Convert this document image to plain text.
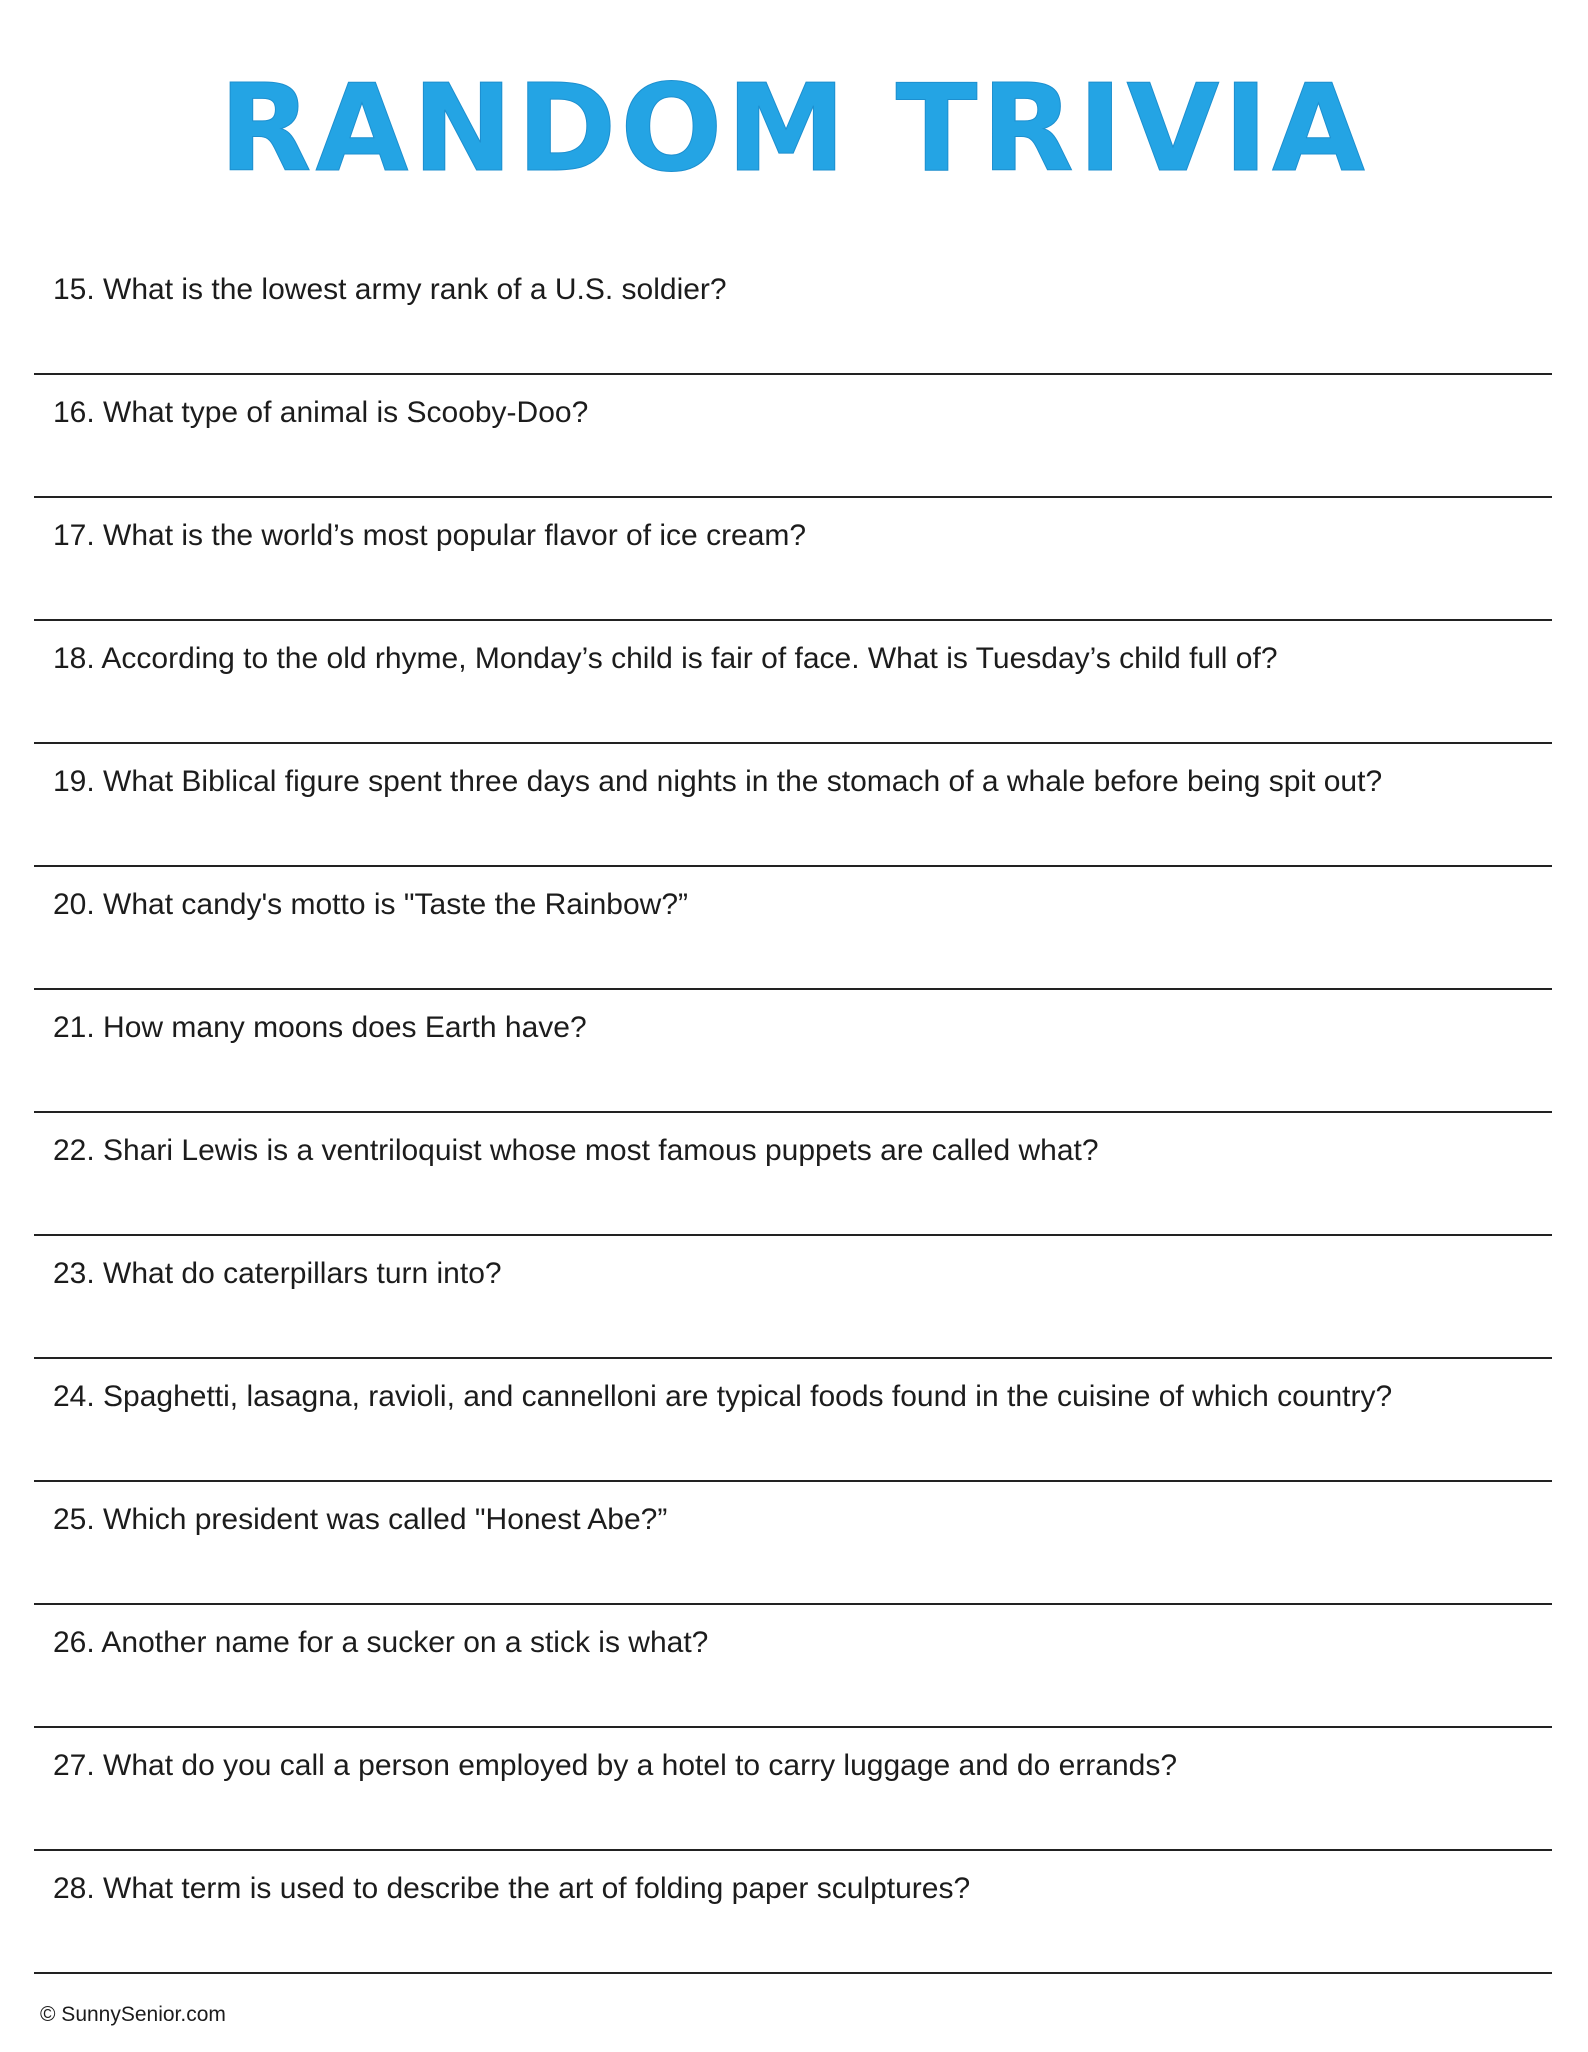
RANDOM TRIVIA
15. What is the lowest army rank of a U.S. soldier?
16. What type of animal is Scooby-Doo?
17. What is the world’s most popular flavor of ice cream?
18. According to the old rhyme, Monday’s child is fair of face. What is Tuesday’s child full of?
19. What Biblical figure spent three days and nights in the stomach of a whale before being spit out?
20. What candy's motto is "Taste the Rainbow?”
21. How many moons does Earth have?
22. Shari Lewis is a ventriloquist whose most famous puppets are called what?
23. What do caterpillars turn into?
24. Spaghetti, lasagna, ravioli, and cannelloni are typical foods found in the cuisine of which country?
25. Which president was called "Honest Abe?”
26. Another name for a sucker on a stick is what?
27. What do you call a person employed by a hotel to carry luggage and do errands?
28. What term is used to describe the art of folding paper sculptures?
© SunnySenior.com
